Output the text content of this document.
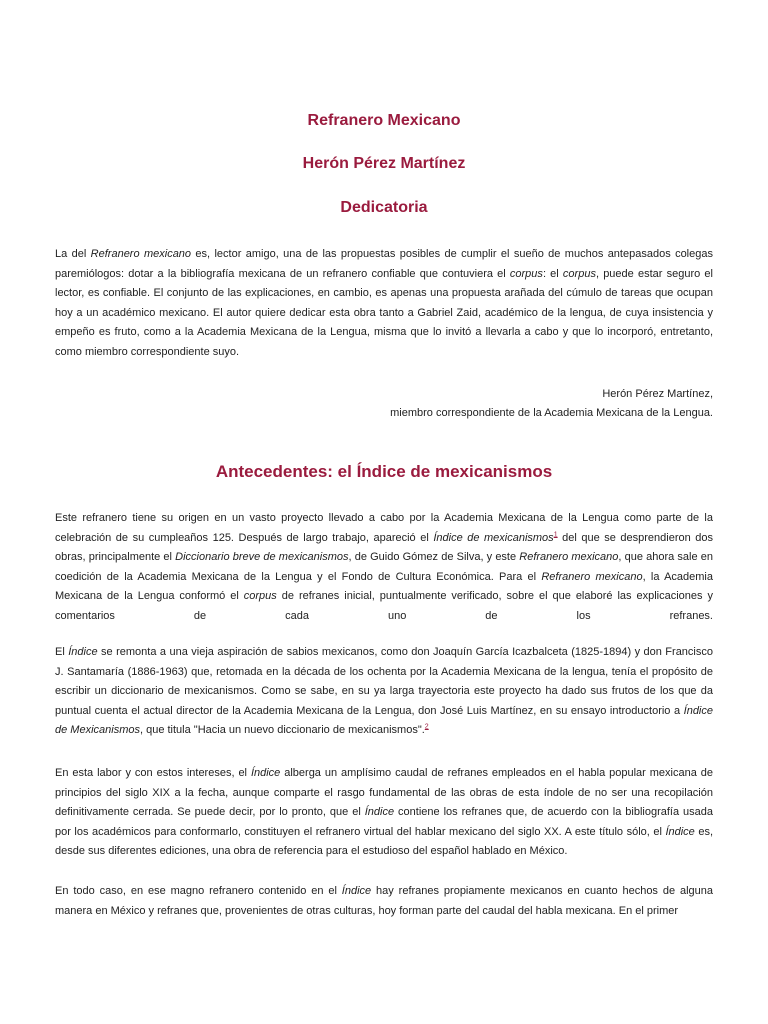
Refranero Mexicano
Herón Pérez Martínez
Dedicatoria

La del Refranero mexicano es, lector amigo, una de las propuestas posibles de cumplir el sueño de muchos antepasados colegas paremiólogos: dotar a la bibliografía mexicana de un refranero confiable que contuviera el corpus: el corpus, puede estar seguro el lector, es confiable. El conjunto de las explicaciones, en cambio, es apenas una propuesta arañada del cúmulo de tareas que ocupan hoy a un académico mexicano. El autor quiere dedicar esta obra tanto a Gabriel Zaid, académico de la lengua, de cuya insistencia y empeño es fruto, como a la Academia Mexicana de la Lengua, misma que lo invitó a llevarla a cabo y que lo incorporó, entretanto, como miembro correspondiente suyo.

Herón Pérez Martínez,

miembro correspondiente de la Academia Mexicana de la Lengua.

Antecedentes: el Índice de mexicanismos

Este refranero tiene su origen en un vasto proyecto llevado a cabo por la Academia Mexicana de la Lengua como parte de la celebración de su cumpleaños 125. Después de largo trabajo, apareció el Índice de mexicanismos$^1$ del que se desprendieron dos obras, principalmente el Diccionario breve de mexicanismos, de Guido Gómez de Silva, y este Refranero mexicano, que ahora sale en coedición de la Academia Mexicana de la Lengua y el Fondo de Cultura Económica. Para el Refranero mexicano, la Academia Mexicana de la Lengua conformó el corpus de refranes inicial, puntualmente verificado, sobre el que elaboré las explicaciones y comentarios de cada uno de los refranes.

El Índice se remonta a una vieja aspiración de sabios mexicanos, como don Joaquín García Icazbalceta (1825-1894) y don Francisco J. Santamaría (1886-1963) que, retomada en la década de los ochenta por la Academia Mexicana de la lengua, tenía el propósito de escribir un diccionario de mexicanismos. Como se sabe, en su ya larga trayectoria este proyecto ha dado sus frutos de los que da puntual cuenta el actual director de la Academia Mexicana de la Lengua, don José Luis Martínez, en su ensayo introductorio a Índice de Mexicanismos, que titula "Hacia un nuevo diccionario de mexicanismos".$^2$

En esta labor y con estos intereses, el Índice alberga un amplísimo caudal de refranes empleados en el habla popular mexicana de principios del siglo XIX a la fecha, aunque comparte el rasgo fundamental de las obras de esta índole de no ser una recopilación definitivamente cerrada. Se puede decir, por lo pronto, que el Índice contiene los refranes que, de acuerdo con la bibliografía usada por los académicos para conformarlo, constituyen el refranero virtual del hablar mexicano del siglo XX. A este título sólo, el Índice es, desde sus diferentes ediciones, una obra de referencia para el estudioso del español hablado en México.

En todo caso, en ese magno refranero contenido en el Índice hay refranes propiamente mexicanos en cuanto hechos de alguna manera en México y refranes que, provenientes de otras culturas, hoy forman parte del caudal del habla mexicana. En el primer
